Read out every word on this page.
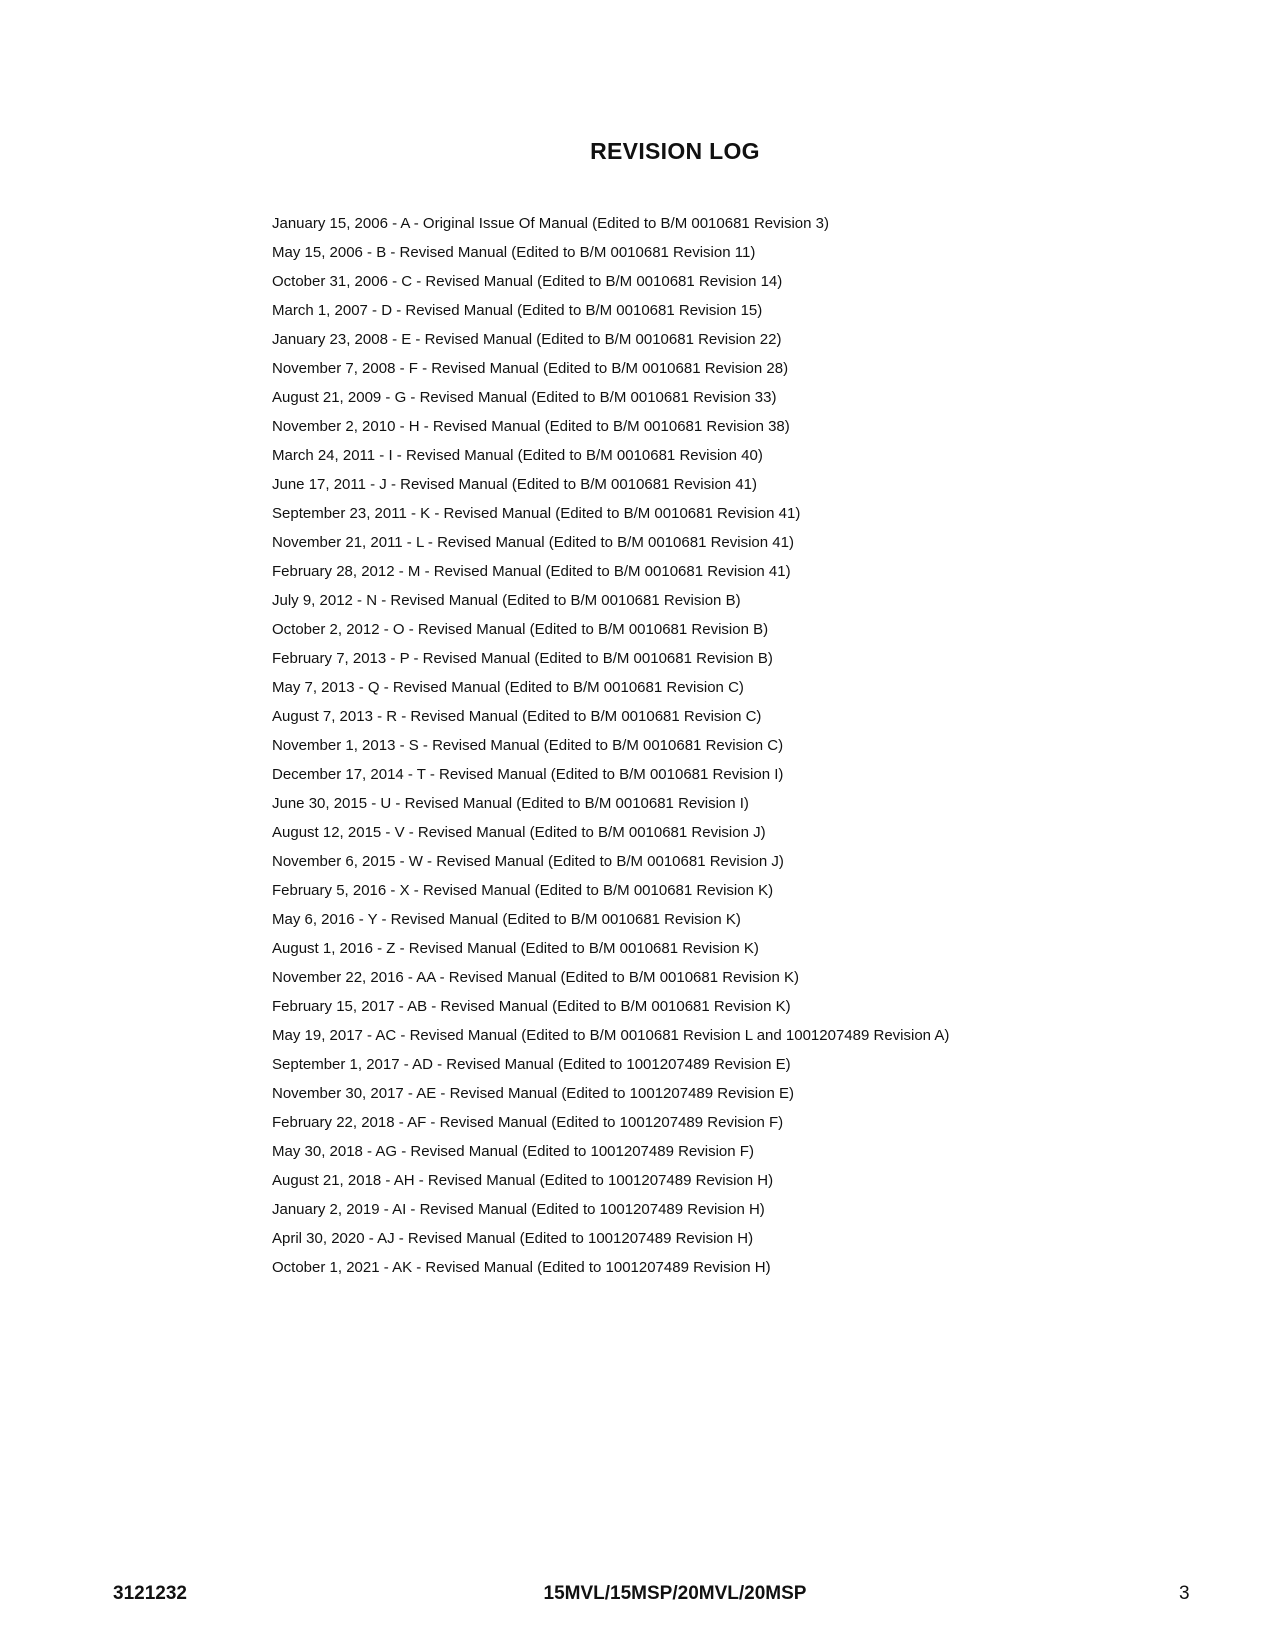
REVISION LOG
January 15, 2006 - A - Original Issue Of Manual (Edited to B/M 0010681 Revision 3)
May 15, 2006 - B - Revised Manual (Edited to B/M 0010681 Revision 11)
October 31, 2006 - C - Revised Manual (Edited to B/M 0010681 Revision 14)
March 1, 2007 - D - Revised Manual (Edited to B/M 0010681 Revision 15)
January 23, 2008 - E - Revised Manual (Edited to B/M 0010681 Revision 22)
November 7, 2008 - F - Revised Manual (Edited to B/M 0010681 Revision 28)
August 21, 2009 - G - Revised Manual (Edited to B/M 0010681 Revision 33)
November 2, 2010 - H - Revised Manual (Edited to B/M 0010681 Revision 38)
March 24, 2011 - I - Revised Manual (Edited to B/M 0010681 Revision 40)
June 17, 2011 - J - Revised Manual (Edited to B/M 0010681 Revision 41)
September 23, 2011 - K - Revised Manual (Edited to B/M 0010681 Revision 41)
November 21, 2011 - L - Revised Manual (Edited to B/M 0010681 Revision 41)
February 28, 2012 - M - Revised Manual (Edited to B/M 0010681 Revision 41)
July 9, 2012 - N - Revised Manual (Edited to B/M 0010681 Revision B)
October 2, 2012 - O - Revised Manual (Edited to B/M 0010681 Revision B)
February 7, 2013 - P - Revised Manual (Edited to B/M 0010681 Revision B)
May 7, 2013 - Q - Revised Manual (Edited to B/M 0010681 Revision C)
August 7, 2013 - R - Revised Manual (Edited to B/M 0010681 Revision C)
November 1, 2013 - S - Revised Manual (Edited to B/M 0010681 Revision C)
December 17, 2014 - T - Revised Manual (Edited to B/M 0010681 Revision I)
June 30, 2015 - U - Revised Manual (Edited to B/M 0010681 Revision I)
August 12, 2015 - V - Revised Manual (Edited to B/M 0010681 Revision J)
November 6, 2015 - W - Revised Manual (Edited to B/M 0010681 Revision J)
February 5, 2016 - X - Revised Manual (Edited to B/M 0010681 Revision K)
May 6, 2016 - Y - Revised Manual (Edited to B/M 0010681 Revision K)
August 1, 2016 - Z - Revised Manual (Edited to B/M 0010681 Revision K)
November 22, 2016 - AA - Revised Manual (Edited to B/M 0010681 Revision K)
February 15, 2017 - AB - Revised Manual (Edited to B/M 0010681 Revision K)
May 19, 2017 - AC - Revised Manual (Edited to B/M 0010681 Revision L and 1001207489 Revision A)
September 1, 2017 - AD - Revised Manual (Edited to 1001207489 Revision E)
November 30, 2017 - AE - Revised Manual (Edited to 1001207489 Revision E)
February 22, 2018 - AF - Revised Manual (Edited to 1001207489 Revision F)
May 30, 2018 - AG - Revised Manual (Edited to 1001207489 Revision F)
August 21, 2018 - AH - Revised Manual (Edited to 1001207489 Revision H)
January 2, 2019 - AI - Revised Manual (Edited to 1001207489 Revision H)
April 30, 2020 - AJ - Revised Manual (Edited to 1001207489 Revision H)
October 1, 2021 - AK - Revised Manual (Edited to 1001207489 Revision H)
3121232	15MVL/15MSP/20MVL/20MSP	3
